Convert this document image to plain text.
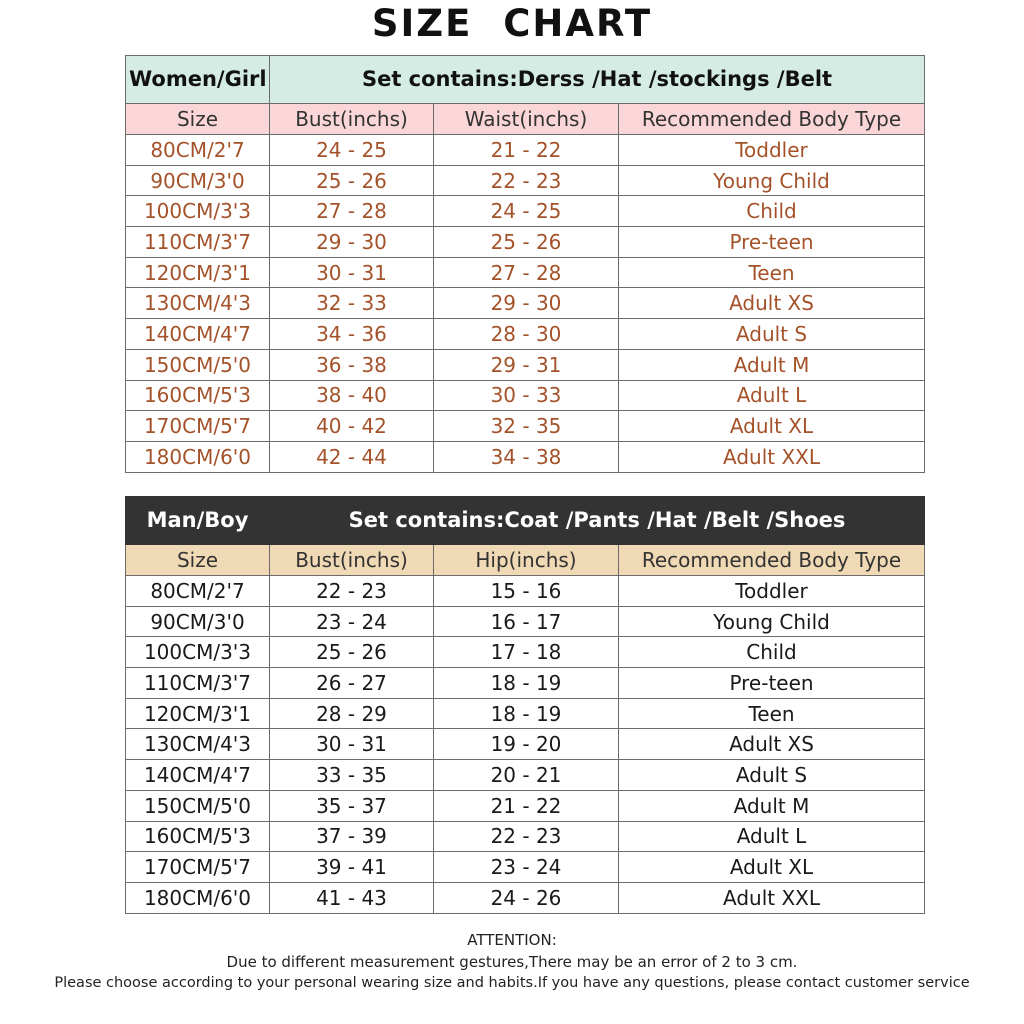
SIZE CHART
Women/Girl	Set contains:Derss /Hat /stockings /Belt		
Size	Bust(inchs)	Waist(inchs)	Recommended Body Type
80CM/2'7	24 - 25	21 - 22	Toddler
90CM/3'0	25 - 26	22 - 23	Young Child
100CM/3'3	27 - 28	24 - 25	Child
110CM/3'7	29 - 30	25 - 26	Pre-teen
120CM/3'1	30 - 31	27 - 28	Teen
130CM/4'3	32 - 33	29 - 30	Adult XS
140CM/4'7	34 - 36	28 - 30	Adult S
150CM/5'0	36 - 38	29 - 31	Adult M
160CM/5'3	38 - 40	30 - 33	Adult L
170CM/5'7	40 - 42	32 - 35	Adult XL
180CM/6'0	42 - 44	34 - 38	Adult XXL
Man/Boy	Set contains:Coat /Pants /Hat /Belt /Shoes		
Size	Bust(inchs)	Hip(inchs)	Recommended Body Type
80CM/2'7	22 - 23	15 - 16	Toddler
90CM/3'0	23 - 24	16 - 17	Young Child
100CM/3'3	25 - 26	17 - 18	Child
110CM/3'7	26 - 27	18 - 19	Pre-teen
120CM/3'1	28 - 29	18 - 19	Teen
130CM/4'3	30 - 31	19 - 20	Adult XS
140CM/4'7	33 - 35	20 - 21	Adult S
150CM/5'0	35 - 37	21 - 22	Adult M
160CM/5'3	37 - 39	22 - 23	Adult L
170CM/5'7	39 - 41	23 - 24	Adult XL
180CM/6'0	41 - 43	24 - 26	Adult XXL
ATTENTION:
Due to different measurement gestures,There may be an error of 2 to 3 cm.
Please choose according to your personal wearing size and habits.If you have any questions, please contact customer service
